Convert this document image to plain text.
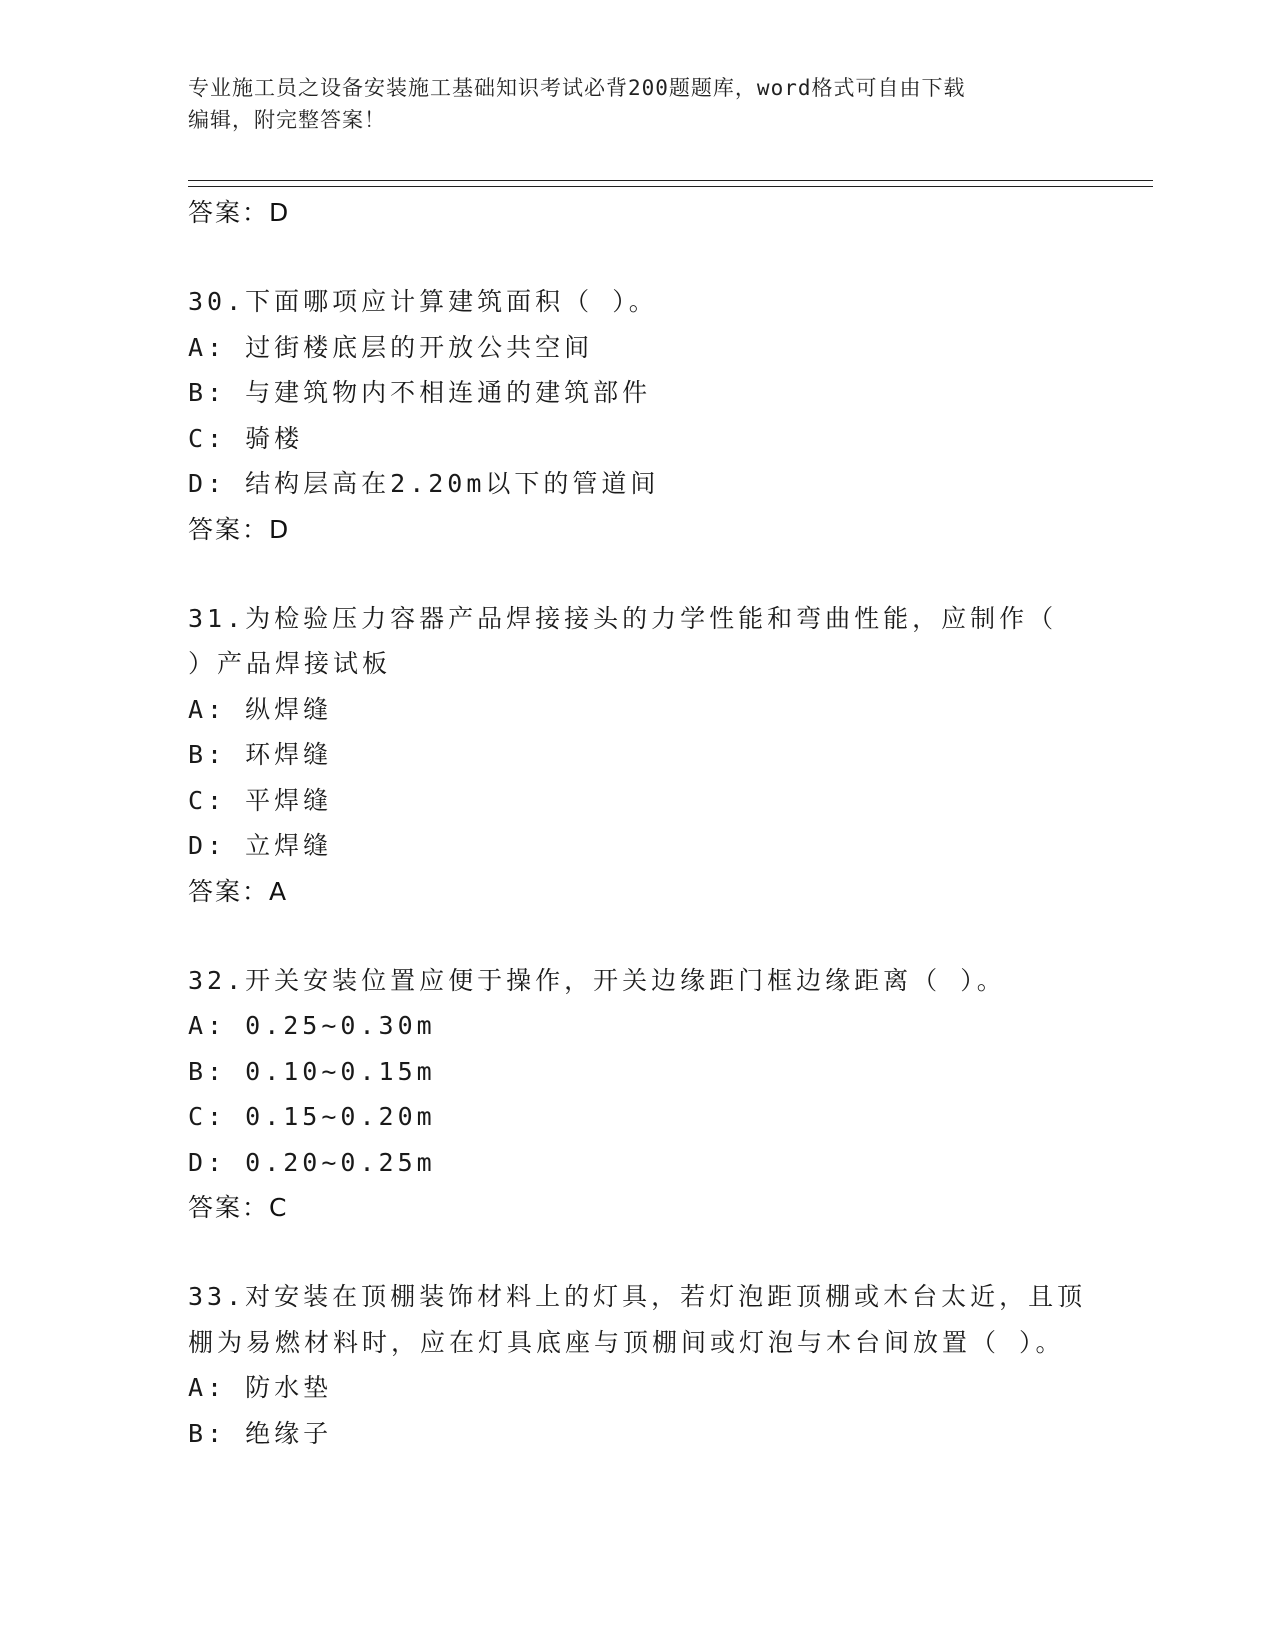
专业施工员之设备安装施工基础知识考试必背200题题库，word格式可自由下载
编辑，附完整答案！
答案：D
30.下面哪项应计算建筑面积（ ）。
A: 过街楼底层的开放公共空间
B: 与建筑物内不相连通的建筑部件
C: 骑楼
D: 结构层高在2.20m以下的管道间
答案：D
31.为检验压力容器产品焊接接头的力学性能和弯曲性能，应制作（
）产品焊接试板
A: 纵焊缝
B: 环焊缝
C: 平焊缝
D: 立焊缝
答案：A
32.开关安装位置应便于操作，开关边缘距门框边缘距离（ ）。
A: 0.25~0.30m
B: 0.10~0.15m
C: 0.15~0.20m
D: 0.20~0.25m
答案：C
33.对安装在顶棚装饰材料上的灯具，若灯泡距顶棚或木台太近，且顶
棚为易燃材料时，应在灯具底座与顶棚间或灯泡与木台间放置（ ）。
A: 防水垫
B: 绝缘子
